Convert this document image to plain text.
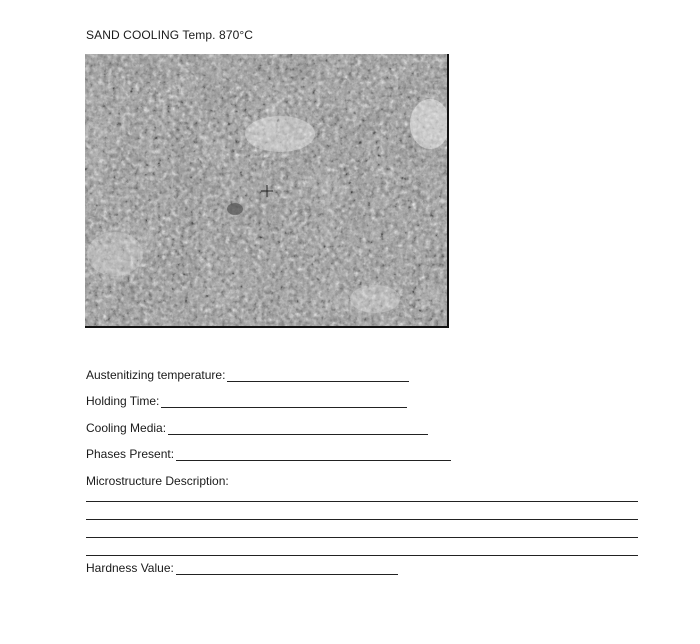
SAND COOLING Temp. 870°C
Austenitizing temperature:
Holding Time:
Cooling Media:
Phases Present:
Microstructure Description:
Hardness Value:
